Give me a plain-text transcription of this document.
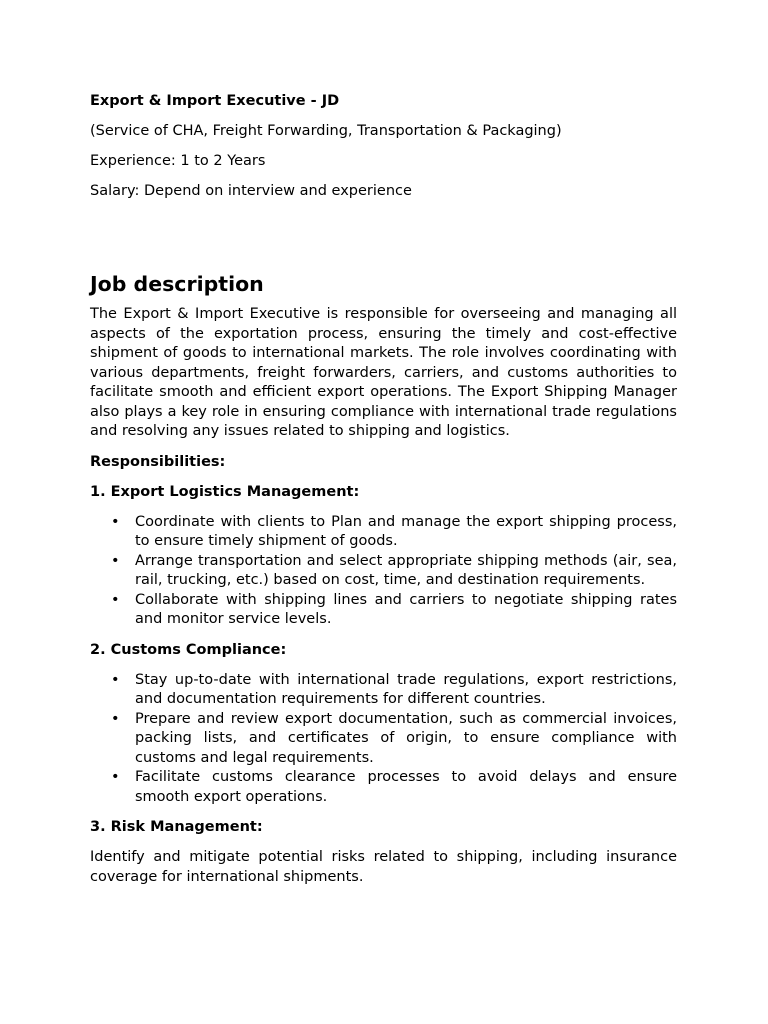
Export & Import Executive - JD
(Service of CHA, Freight Forwarding, Transportation & Packaging)
Experience: 1 to 2 Years
Salary: Depend on interview and experience
Job description

The Export & Import Executive is responsible for overseeing and managing all aspects of the exportation process, ensuring the timely and cost-effective shipment of goods to international markets. The role involves coordinating with various departments, freight forwarders, carriers, and customs authorities to facilitate smooth and efficient export operations. The Export Shipping Manager also plays a key role in ensuring compliance with international trade regulations and resolving any issues related to shipping and logistics.

Responsibilities:
1. Export Logistics Management:
• Coordinate with clients to Plan and manage the export shipping process, to ensure timely shipment of goods.
• Arrange transportation and select appropriate shipping methods (air, sea, rail, trucking, etc.) based on cost, time, and destination requirements.
• Collaborate with shipping lines and carriers to negotiate shipping rates and monitor service levels.
2. Customs Compliance:
• Stay up-to-date with international trade regulations, export restrictions, and documentation requirements for different countries.
• Prepare and review export documentation, such as commercial invoices, packing lists, and certificates of origin, to ensure compliance with customs and legal requirements.
• Facilitate customs clearance processes to avoid delays and ensure smooth export operations.
3. Risk Management:

Identify and mitigate potential risks related to shipping, including insurance coverage for international shipments.
